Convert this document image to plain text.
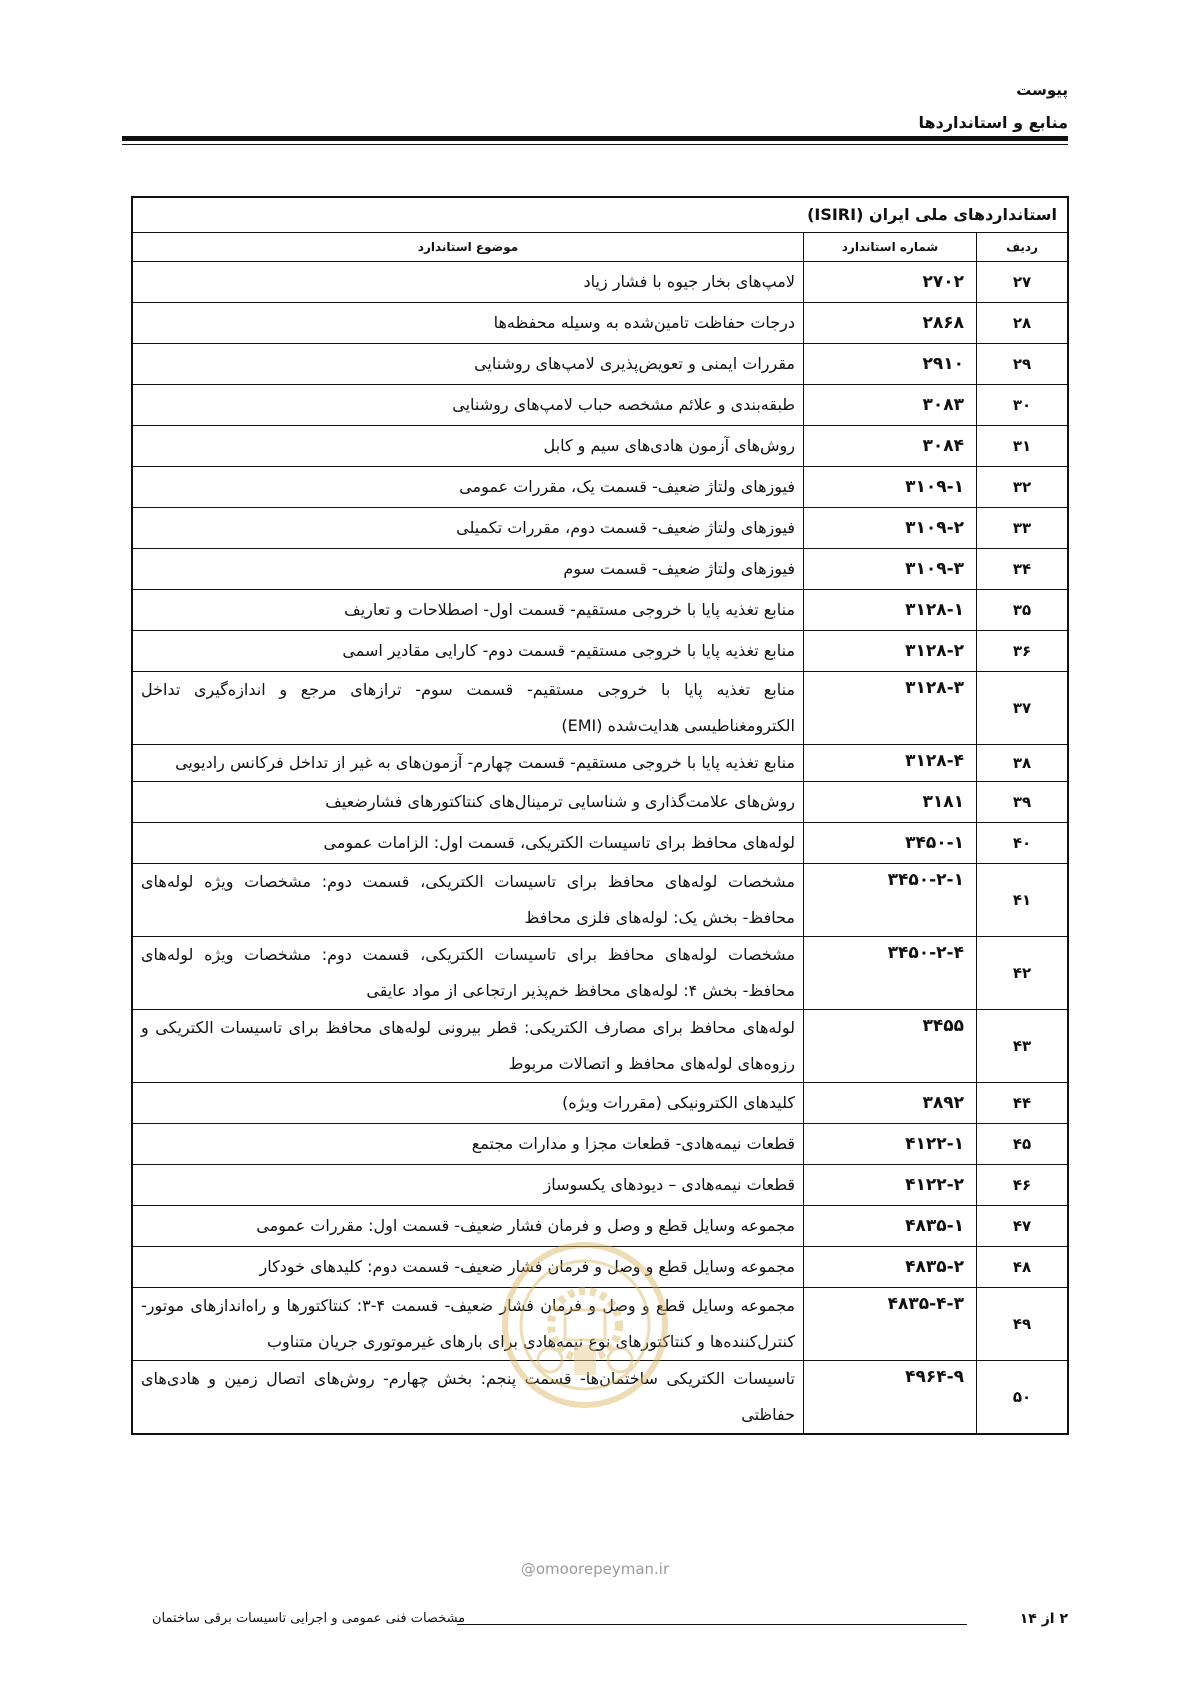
پیوست
منابع و استانداردها
استانداردهای ملی ایران (ISIRI)		
ردیف	شماره استاندارد	موضوع استاندارد
۲۷	۲۷۰۲	لامپ‌های بخار جیوه با فشار زیاد
۲۸	۲۸۶۸	درجات حفاظت تامین‌شده به وسیله محفظه‌ها
۲۹	۲۹۱۰	مقررات ایمنی و تعویض‌پذیری لامپ‌های روشنایی
۳۰	۳۰۸۳	طبقه‌بندی و علائم مشخصه حباب لامپ‌های روشنایی
۳۱	۳۰۸۴	روش‌های آزمون هادی‌های سیم و کابل
۳۲	۳۱۰۹-۱	فیوزهای ولتاژ ضعیف- قسمت یک، مقررات عمومی
۳۳	۳۱۰۹-۲	فیوزهای ولتاژ ضعیف- قسمت دوم، مقررات تکمیلی
۳۴	۳۱۰۹-۳	فیوزهای ولتاژ ضعیف- قسمت سوم
۳۵	۳۱۲۸-۱	منابع تغذیه پایا با خروجی مستقیم- قسمت اول- اصطلاحات و تعاریف
۳۶	۳۱۲۸-۲	منابع تغذیه پایا با خروجی مستقیم- قسمت دوم- کارایی مقادیر اسمی
۳۷	۳۱۲۸-۳	منابع تغذیه پایا با خروجی مستقیم- قسمت سوم- ترازهای مرجع و اندازه‌گیری تداخل الکترومغناطیسی هدایت‌شده (EMI)
۳۸	۳۱۲۸-۴	منابع تغذیه پایا با خروجی مستقیم- قسمت چهارم- آزمون‌های به غیر از تداخل فرکانس رادیویی
۳۹	۳۱۸۱	روش‌های علامت‌گذاری و شناسایی ترمینال‌های کنتاکتورهای فشارضعیف
۴۰	۳۴۵۰-۱	لوله‌های محافظ برای تاسیسات الکتریکی، قسمت اول: الزامات عمومی
۴۱	۳۴۵۰-۲-۱	مشخصات لوله‌های محافظ برای تاسیسات الکتریکی، قسمت دوم: مشخصات ویژه لوله‌های محافظ- بخش یک: لوله‌های فلزی محافظ
۴۲	۳۴۵۰-۲-۴	مشخصات لوله‌های محافظ برای تاسیسات الکتریکی، قسمت دوم: مشخصات ویژه لوله‌های محافظ- بخش ۴: لوله‌های محافظ خم‌پذیر ارتجاعی از مواد عایقی
۴۳	۳۴۵۵	لوله‌های محافظ برای مصارف الکتریکی: قطر بیرونی لوله‌های محافظ برای تاسیسات الکتریکی و رزوه‌های لوله‌های محافظ و اتصالات مربوط
۴۴	۳۸۹۲	کلیدهای الکترونیکی (مقررات ویژه)
۴۵	۴۱۲۲-۱	قطعات نیمه‌هادی- قطعات مجزا و مدارات مجتمع
۴۶	۴۱۲۲-۲	قطعات نیمه‌هادی – دیودهای یکسوساز
۴۷	۴۸۳۵-۱	مجموعه وسایل قطع و وصل و فرمان فشار ضعیف- قسمت اول: مقررات عمومی
۴۸	۴۸۳۵-۲	مجموعه وسایل قطع و وصل و فرمان فشار ضعیف- قسمت دوم: کلیدهای خودکار
۴۹	۴۸۳۵-۴-۳	مجموعه وسایل قطع و وصل و فرمان فشار ضعیف- قسمت ۴-۳: کنتاکتورها و راه‌اندازهای موتور- کنترل‌کننده‌ها و کنتاکتورهای نوع نیمه‌هادی برای بارهای غیرموتوری جریان متناوب
۵۰	۴۹۶۴-۹	تاسیسات الکتریکی ساختمان‌ها- قسمت پنجم: بخش چهارم- روش‌های اتصال زمین و هادی‌های حفاظتی
@omoorepeyman.ir
۲ از ۱۴
مشخصات فنی عمومی و اجرایی تاسیسات برقی ساختمان
